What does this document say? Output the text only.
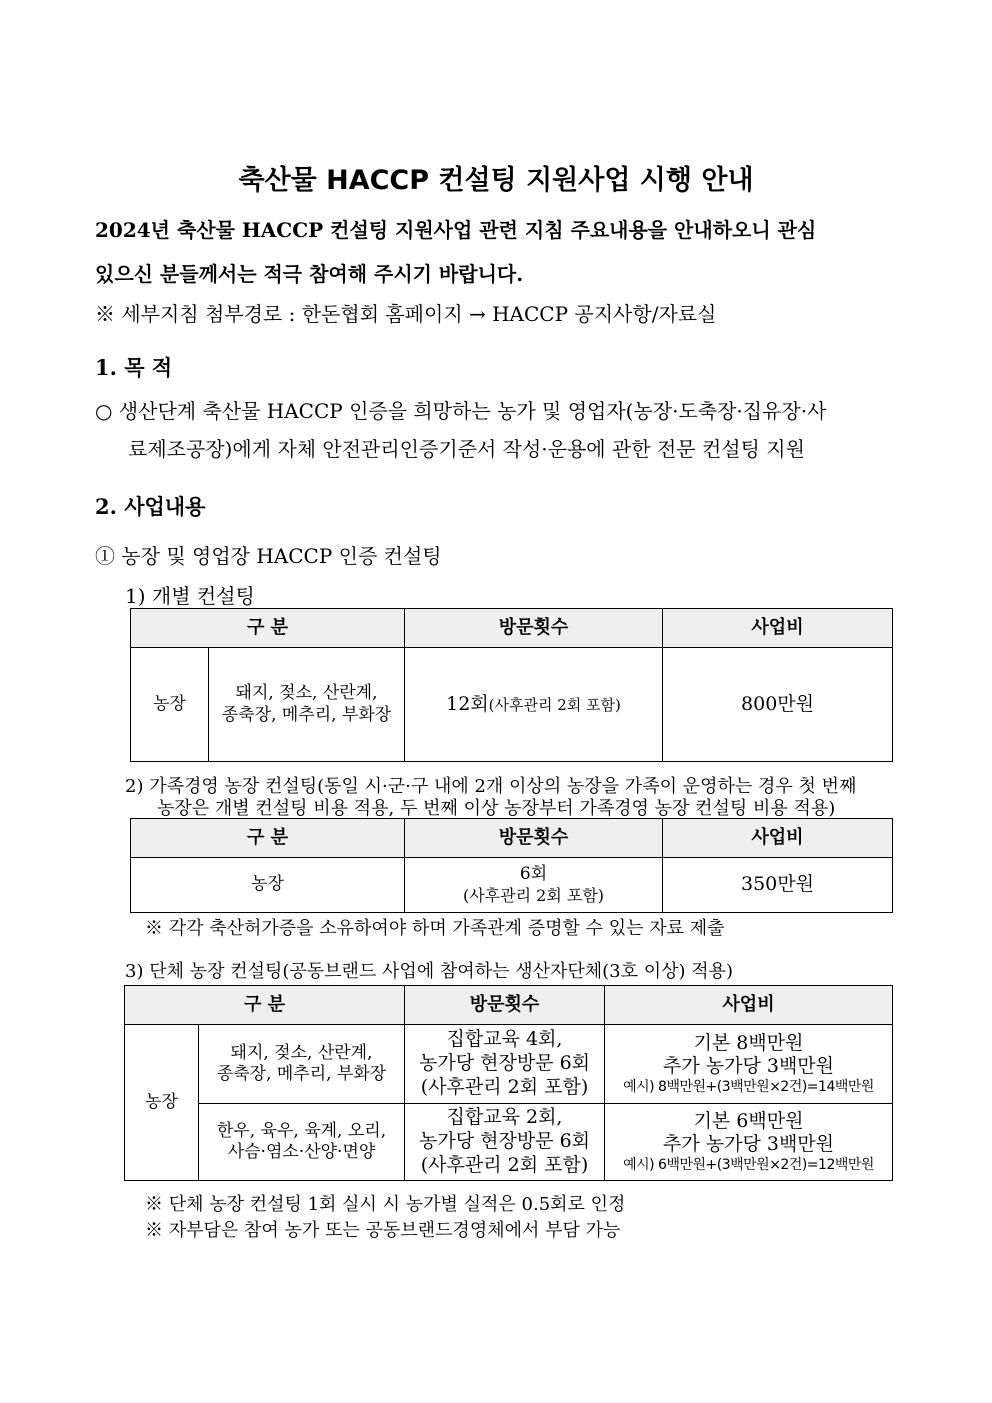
축산물 HACCP 컨설팅 지원사업 시행 안내
2024년 축산물 HACCP 컨설팅 지원사업 관련 지침 주요내용을 안내하오니 관심
있으신 분들께서는 적극 참여해 주시기 바랍니다.
※ 세부지침 첨부경로 : 한돈협회 홈페이지 → HACCP 공지사항/자료실
1. 목 적
○ 생산단계 축산물 HACCP 인증을 희망하는 농가 및 영업자(농장·도축장·집유장·사
료제조공장)에게 자체 안전관리인증기준서 작성·운용에 관한 전문 컨설팅 지원
2. 사업내용
① 농장 및 영업장 HACCP 인증 컨설팅
1) 개별 컨설팅
구 분		방문횟수	사업비
농장	돼지, 젖소, 산란계,
종축장, 메추리, 부화장	12회(사후관리 2회 포함)	800만원
2) 가족경영 농장 컨설팅(동일 시·군·구 내에 2개 이상의 농장을 가족이 운영하는 경우 첫 번째
농장은 개별 컨설팅 비용 적용, 두 번째 이상 농장부터 가족경영 농장 컨설팅 비용 적용)
구 분	방문횟수	사업비
농장	6회
(사후관리 2회 포함)	350만원
※ 각각 축산허가증을 소유하여야 하며 가족관계 증명할 수 있는 자료 제출
3) 단체 농장 컨설팅(공동브랜드 사업에 참여하는 생산자단체(3호 이상) 적용)
구 분		방문횟수	사업비
농장	돼지, 젖소, 산란계,
종축장, 메추리, 부화장	집합교육 4회,
농가당 현장방문 6회
(사후관리 2회 포함)	기본 8백만원
추가 농가당 3백만원
예시) 8백만원+(3백만원×2건)=14백만원

	한우, 육우, 육계, 오리,
사슴·염소·산양·면양	집합교육 2회,
농가당 현장방문 6회
(사후관리 2회 포함)	기본 6백만원
추가 농가당 3백만원
예시) 6백만원+(3백만원×2건)=12백만원
※ 단체 농장 컨설팅 1회 실시 시 농가별 실적은 0.5회로 인정
※ 자부담은 참여 농가 또는 공동브랜드경영체에서 부담 가능
